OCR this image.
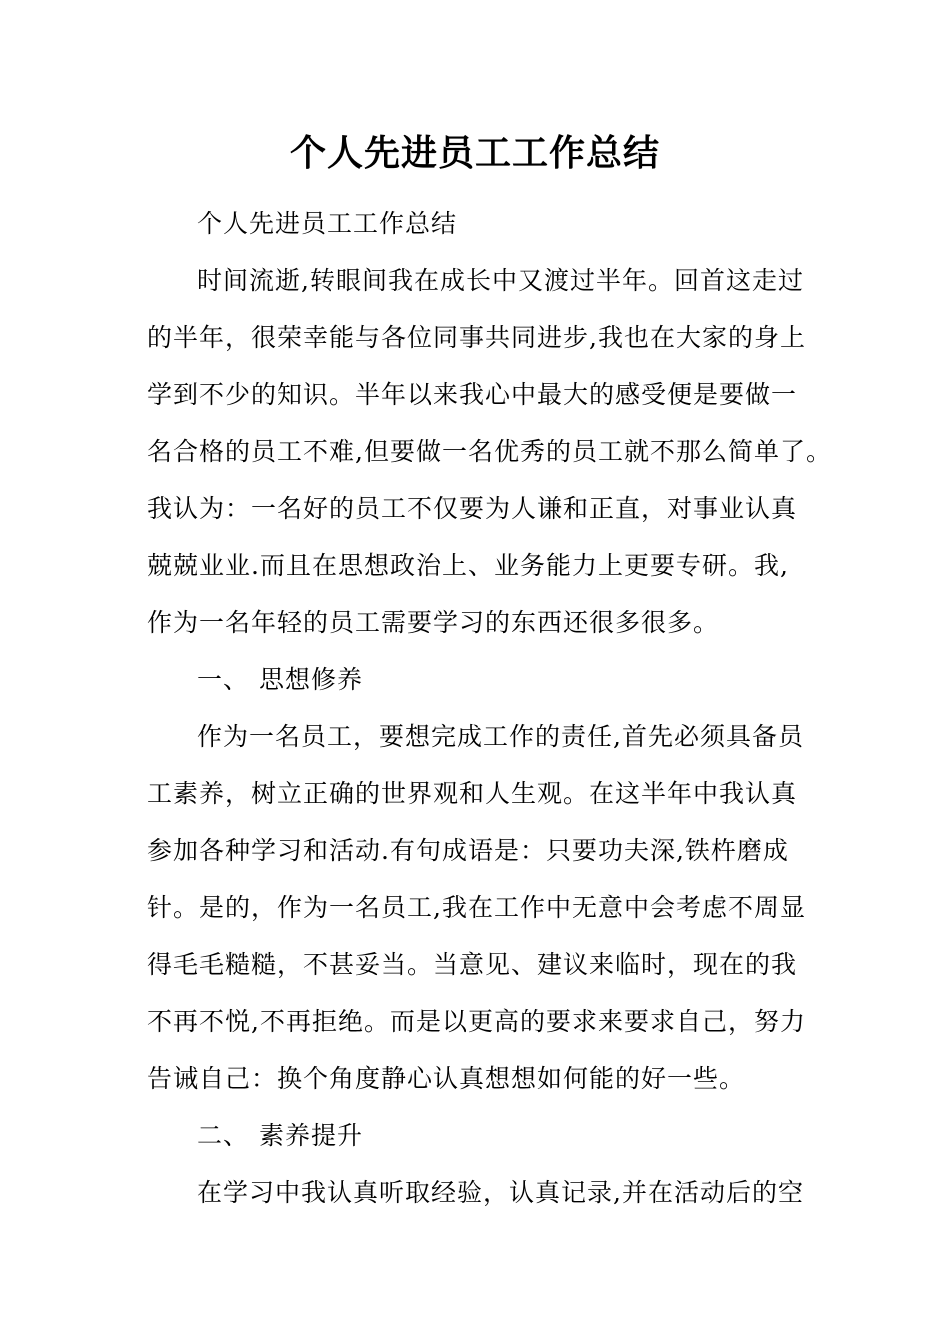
个人先进员工工作总结
个人先进员工工作总结
时间流逝,转眼间我在成长中又渡过半年。回首这走过
的半年，很荣幸能与各位同事共同进步,我也在大家的身上
学到不少的知识。半年以来我心中最大的感受便是要做一
名合格的员工不难,但要做一名优秀的员工就不那么简单了。
我认为：一名好的员工不仅要为人谦和正直，对事业认真
兢兢业业.而且在思想政治上、业务能力上更要专研。我,
作为一名年轻的员工需要学习的东西还很多很多。
一、 思想修养
作为一名员工，要想完成工作的责任,首先必须具备员
工素养，树立正确的世界观和人生观。在这半年中我认真
参加各种学习和活动.有句成语是：只要功夫深,铁杵磨成
针。是的，作为一名员工,我在工作中无意中会考虑不周显
得毛毛糙糙，不甚妥当。当意见、建议来临时，现在的我
不再不悦,不再拒绝。而是以更高的要求来要求自己，努力
告诫自己：换个角度静心认真想想如何能的好一些。
二、 素养提升
在学习中我认真听取经验，认真记录,并在活动后的空
